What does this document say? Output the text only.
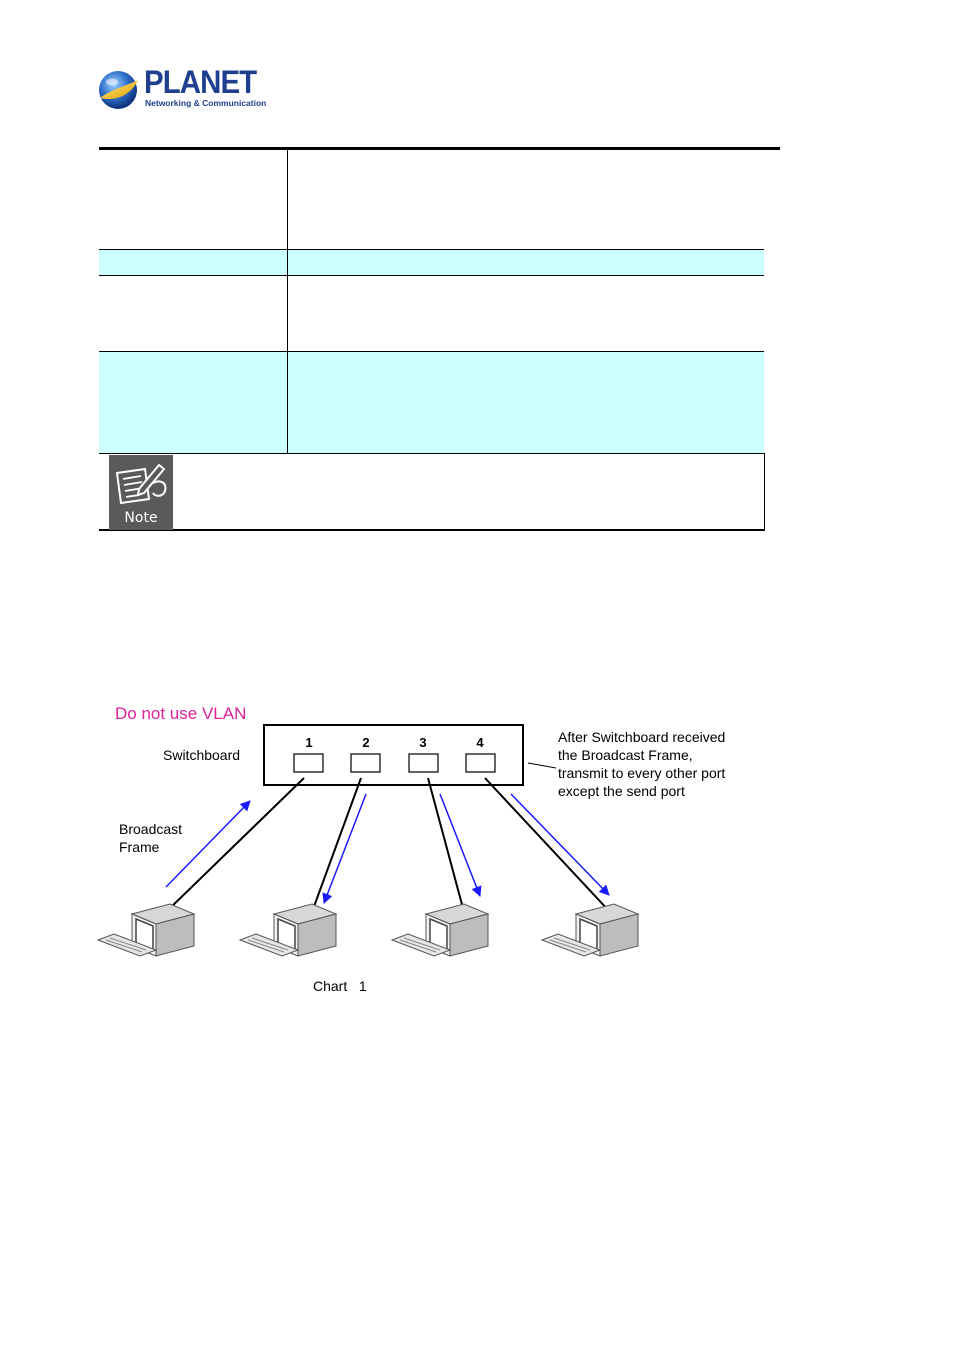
PLANET
Networking & Communication
Note
Do not use VLAN
Switchboard
1	2	3	4	After Switchboard received
the Broadcast Frame,
transmit to every other port
except the send port
Broadcast
Frame
Chart   1
